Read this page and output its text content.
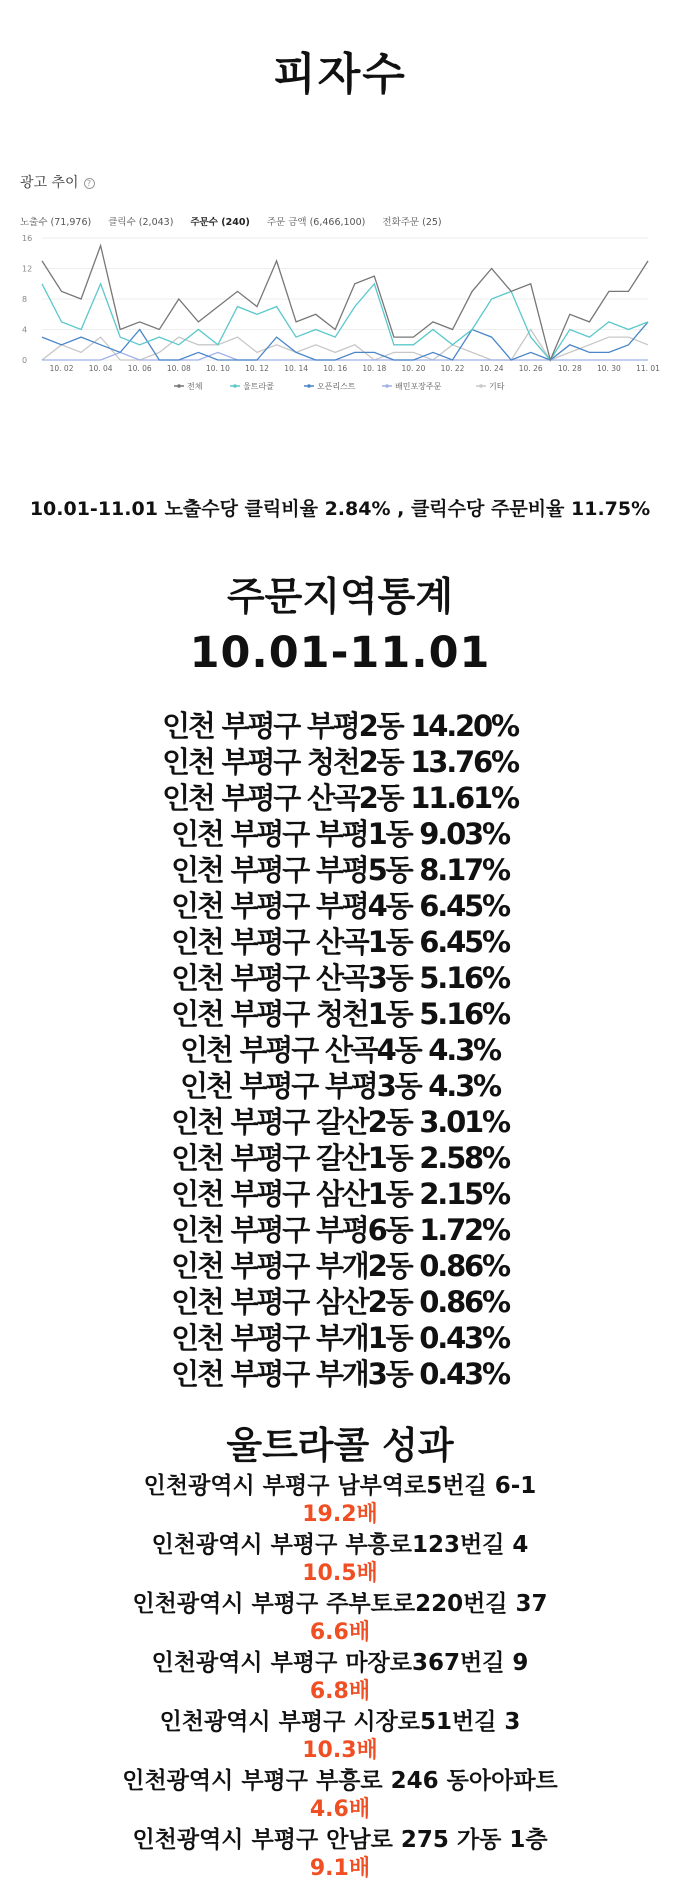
피자수
광고 추이 ?
노출수 (71,976) 클릭수 (2,043) 주문수 (240) 주문 금액 (6,466,100) 전화주문 (25)
0
4
8
12
16
10. 02 10. 04 10. 06 10. 08 10. 10 10. 12 10. 14 10. 16 10. 18 10. 20 10. 22 10. 24 10. 26 10. 28 10. 30 11. 01
전체	울트라콜	오픈리스트	배민포장주문	기타
10.01-11.01 노출수당 클릭비율 2.84% , 클릭수당 주문비율 11.75%
주문지역통계
10.01-11.01
인천 부평구 부평2동 14.20%
인천 부평구 청천2동 13.76%
인천 부평구 산곡2동 11.61%
인천 부평구 부평1동 9.03%
인천 부평구 부평5동 8.17%
인천 부평구 부평4동 6.45%
인천 부평구 산곡1동 6.45%
인천 부평구 산곡3동 5.16%
인천 부평구 청천1동 5.16%
인천 부평구 산곡4동 4.3%
인천 부평구 부평3동 4.3%
인천 부평구 갈산2동 3.01%
인천 부평구 갈산1동 2.58%
인천 부평구 삼산1동 2.15%
인천 부평구 부평6동 1.72%
인천 부평구 부개2동 0.86%
인천 부평구 삼산2동 0.86%
인천 부평구 부개1동 0.43%
인천 부평구 부개3동 0.43%
울트라콜 성과
인천광역시 부평구 남부역로5번길 6-1
19.2배
인천광역시 부평구 부흥로123번길 4
10.5배
인천광역시 부평구 주부토로220번길 37
6.6배
인천광역시 부평구 마장로367번길 9
6.8배
인천광역시 부평구 시장로51번길 3
10.3배
인천광역시 부평구 부흥로 246 동아아파트
4.6배
인천광역시 부평구 안남로 275 가동 1층
9.1배
